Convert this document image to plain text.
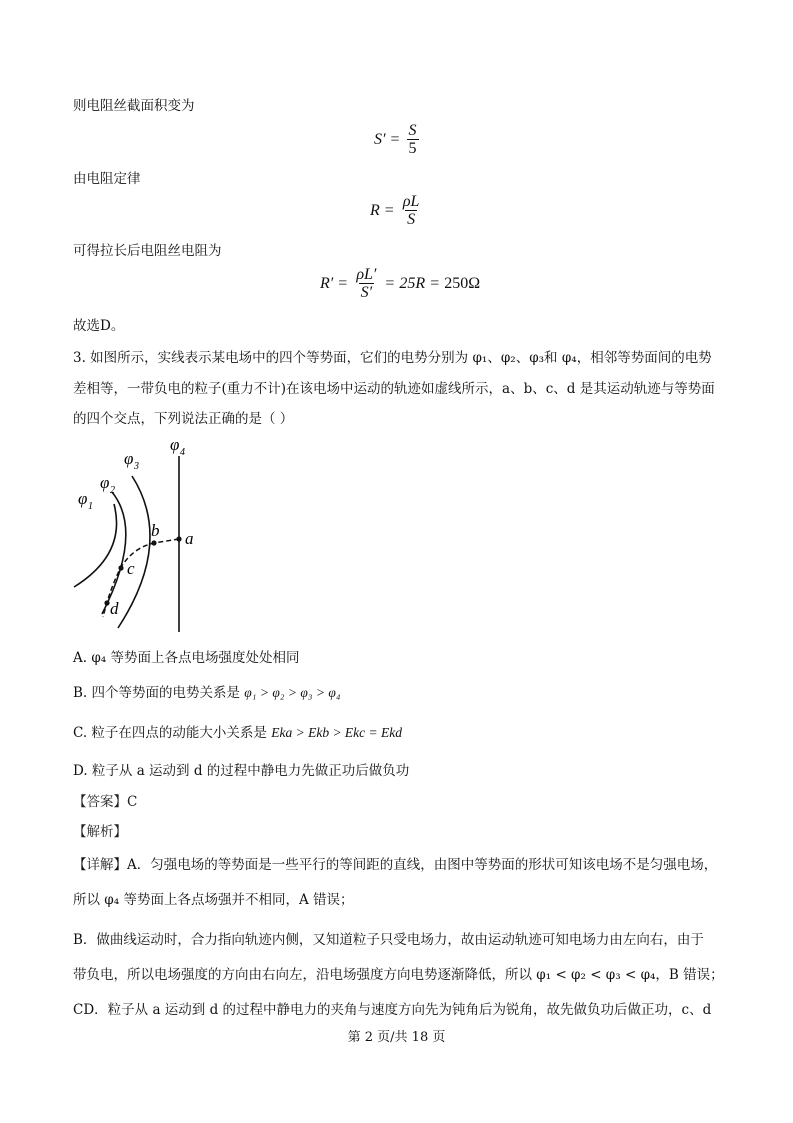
则电阻丝截面积变为
$S' = \frac{S}{5}$
由电阻定律
$R = \frac{\rho L}{S}$
可得拉长后电阻丝电阻为
$R' = \frac{\rho L'}{S'} = 25R = 250\Omega$
故选D。
3. 如图所示，实线表示某电场中的四个等势面，它们的电势分别为 φ₁、φ₂、φ₃和 φ₄，相邻等势面间的电势
差相等，一带负电的粒子(重力不计)在该电场中运动的轨迹如虚线所示，a、b、c、d 是其运动轨迹与等势面
的四个交点，下列说法正确的是（ ）
φ 1
φ 2
φ 3
φ 4
a
b
c
d
A. φ₄ 等势面上各点电场强度处处相同
B. 四个等势面的电势关系是 φ₁ > φ₂ > φ₃ > φ₄
C. 粒子在四点的动能大小关系是 Eka > Ekb > Ekc = Ekd
D. 粒子从 a 运动到 d 的过程中静电力先做正功后做负功
【答案】C
【解析】
【详解】A．匀强电场的等势面是一些平行的等间距的直线，由图中等势面的形状可知该电场不是匀强电场，
所以 φ₄ 等势面上各点场强并不相同，A 错误；
B．做曲线运动时，合力指向轨迹内侧，又知道粒子只受电场力，故由运动轨迹可知电场力由左向右，由于
带负电，所以电场强度的方向由右向左，沿电场强度方向电势逐渐降低，所以 φ₁ < φ₂ < φ₃ < φ₄，B 错误；
CD．粒子从 a 运动到 d 的过程中静电力的夹角与速度方向先为钝角后为锐角，故先做负功后做正功，c、d
第 2 页/共 18 页
